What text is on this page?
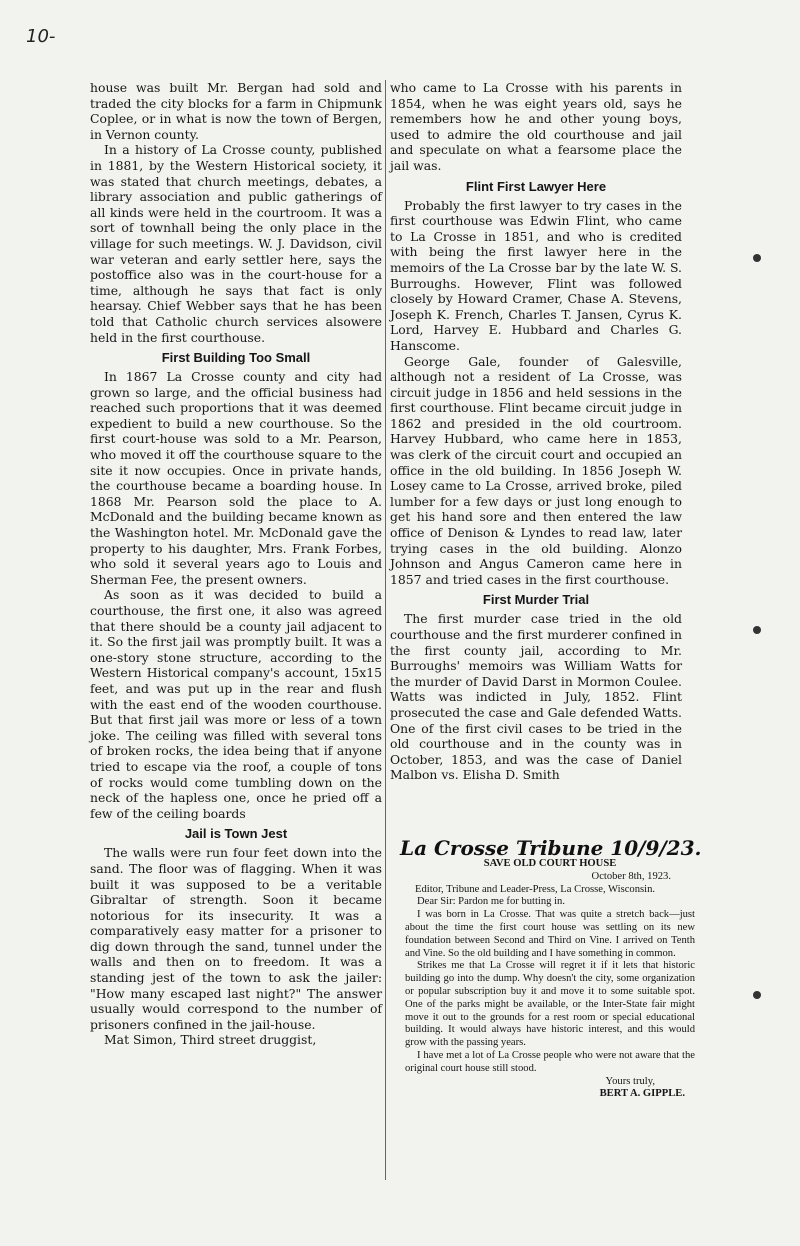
10-

house was built Mr. Bergan had sold and traded the city blocks for a farm in Chipmunk Coplee, or in what is now the town of Bergen, in Vernon county.

In a history of La Crosse county, published in 1881, by the Western Historical society, it was stated that church meetings, debates, a library association and public gatherings of all kinds were held in the courtroom. It was a sort of townhall being the only place in the village for such meetings. W. J. Davidson, civil war veteran and early settler here, says the postoffice also was in the court-house for a time, although he says that fact is only hearsay. Chief Webber says that he has been told that Catholic church services alsowere held in the first courthouse.

First Building Too Small

In 1867 La Crosse county and city had grown so large, and the official business had reached such proportions that it was deemed expedient to build a new courthouse. So the first court-house was sold to a Mr. Pearson, who moved it off the courthouse square to the site it now occupies. Once in private hands, the courthouse became a boarding house. In 1868 Mr. Pearson sold the place to A. McDonald and the building became known as the Washington hotel. Mr. McDonald gave the property to his daughter, Mrs. Frank Forbes, who sold it several years ago to Louis and Sherman Fee, the present owners.

As soon as it was decided to build a courthouse, the first one, it also was agreed that there should be a county jail adjacent to it. So the first jail was promptly built. It was a one-story stone structure, according to the Western Historical company's account, 15x15 feet, and was put up in the rear and flush with the east end of the wooden courthouse. But that first jail was more or less of a town joke. The ceiling was filled with several tons of broken rocks, the idea being that if anyone tried to escape via the roof, a couple of tons of rocks would come tumbling down on the neck of the hapless one, once he pried off a few of the ceiling boards

Jail is Town Jest

The walls were run four feet down into the sand. The floor was of flagging. When it was built it was supposed to be a veritable Gibraltar of strength. Soon it became notorious for its insecurity. It was a comparatively easy matter for a prisoner to dig down through the sand, tunnel under the walls and then on to freedom. It was a standing jest of the town to ask the jailer: "How many escaped last night?" The answer usually would correspond to the number of prisoners confined in the jail-house.

Mat Simon, Third street druggist,

who came to La Crosse with his parents in 1854, when he was eight years old, says he remembers how he and other young boys, used to admire the old courthouse and jail and speculate on what a fearsome place the jail was.

Flint First Lawyer Here

Probably the first lawyer to try cases in the first courthouse was Edwin Flint, who came to La Crosse in 1851, and who is credited with being the first lawyer here in the memoirs of the La Crosse bar by the late W. S. Burroughs. However, Flint was followed closely by Howard Cramer, Chase A. Stevens, Joseph K. French, Charles T. Jansen, Cyrus K. Lord, Harvey E. Hubbard and Charles G. Hanscome.

George Gale, founder of Galesville, although not a resident of La Crosse, was circuit judge in 1856 and held sessions in the first courthouse. Flint became circuit judge in 1862 and presided in the old courtroom. Harvey Hubbard, who came here in 1853, was clerk of the circuit court and occupied an office in the old building. In 1856 Joseph W. Losey came to La Crosse, arrived broke, piled lumber for a few days or just long enough to get his hand sore and then entered the law office of Denison & Lyndes to read law, later trying cases in the old building. Alonzo Johnson and Angus Cameron came here in 1857 and tried cases in the first courthouse.

First Murder Trial

The first murder case tried in the old courthouse and the first murderer confined in the first county jail, according to Mr. Burroughs' memoirs was William Watts for the murder of David Darst in Mormon Coulee. Watts was indicted in July, 1852. Flint prosecuted the case and Gale defended Watts. One of the first civil cases to be tried in the old courthouse and in the county was in October, 1853, and was the case of Daniel Malbon vs. Elisha D. Smith

La Crosse Tribune 10/9/23.
SAVE OLD COURT HOUSE
October 8th, 1923.
Editor, Tribune and Leader-Press, La Crosse, Wisconsin.

Dear Sir: Pardon me for butting in.

I was born in La Crosse. That was quite a stretch back—just about the time the first court house was settling on its new foundation between Second and Third on Vine. I arrived on Tenth and Vine. So the old building and I have something in common.

Strikes me that La Crosse will regret it if it lets that historic building go into the dump. Why doesn't the city, some organization or popular subscription buy it and move it to some suitable spot. One of the parks might be available, or the Inter-State fair might move it out to the grounds for a rest room or special educational building. It would always have historic interest, and this would grow with the passing years.

I have met a lot of La Crosse people who were not aware that the original court house still stood.

Yours truly,
BERT A. GIPPLE.
